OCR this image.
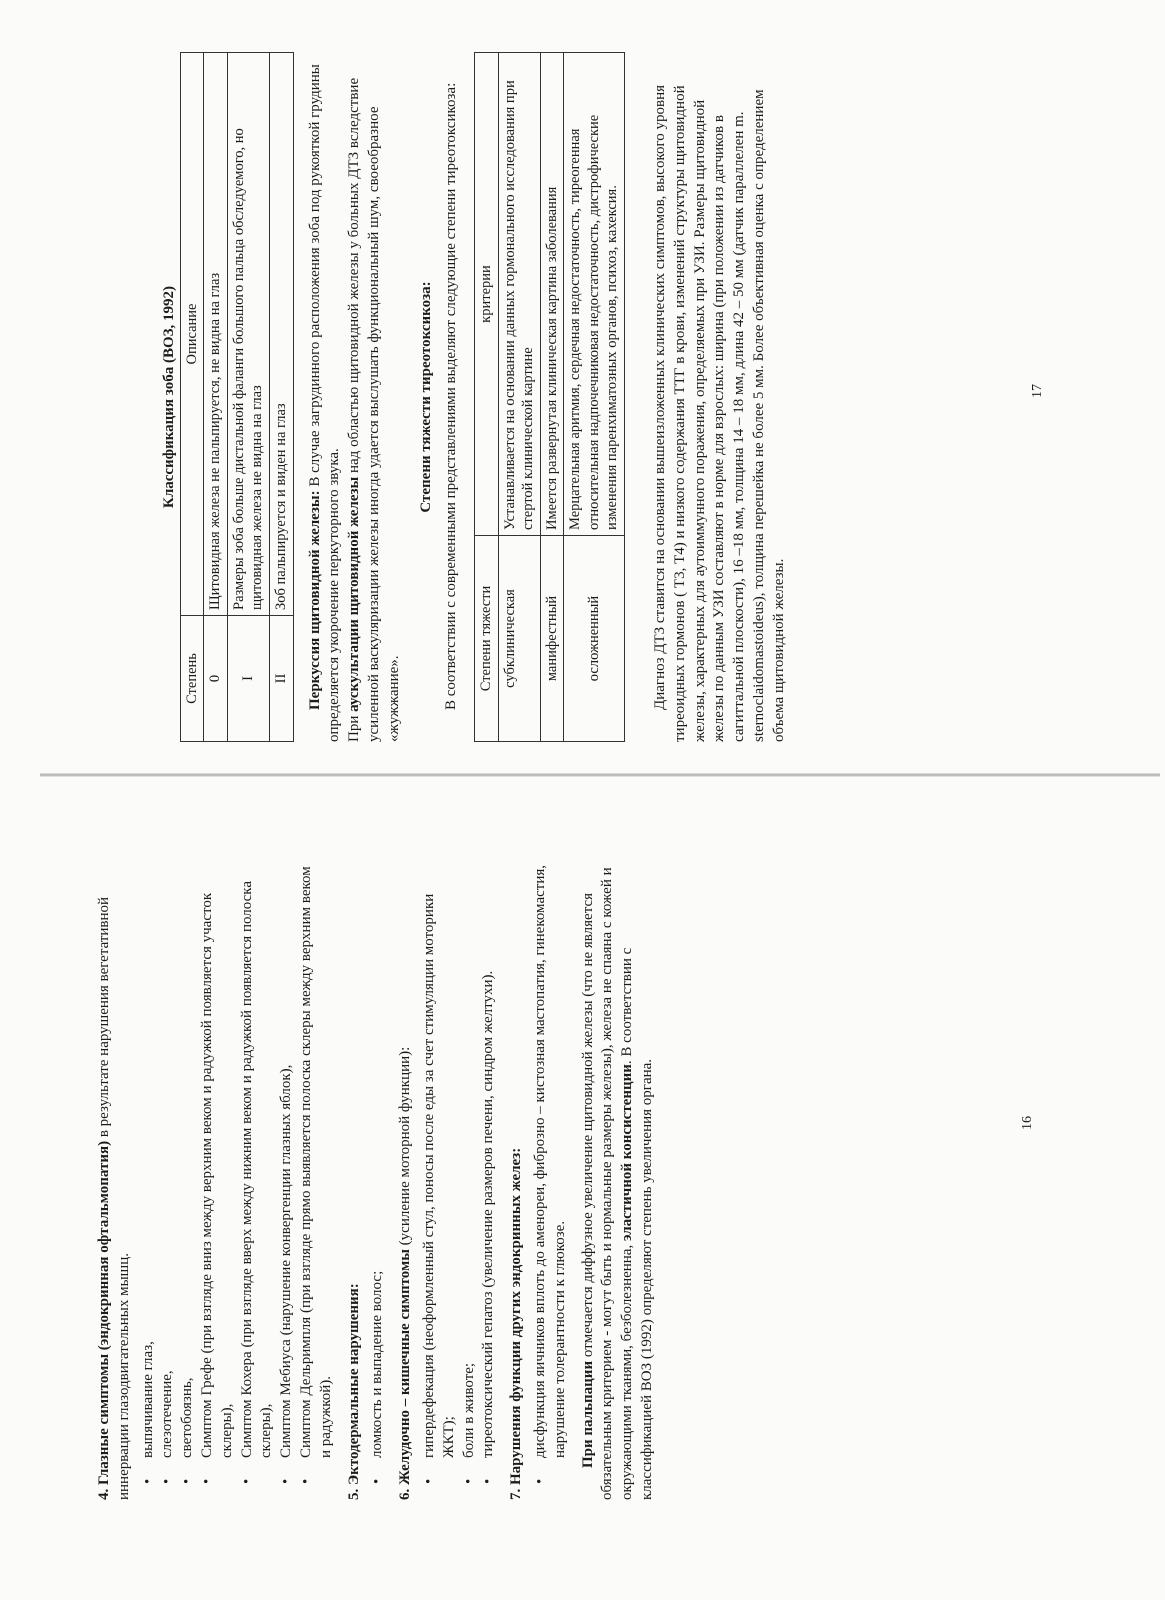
4. Глазные симптомы (эндокринная офтальмопатия) в результате нарушения вегетативной иннервации глазодвигательных мышц. • выпячивание глаз, • слезотечение, • светобоязнь, • Симптом Грефе (при взгляде вниз между верхним веком и радужкой появляется участок склеры), • Симптом Кохера (при взгляде вверх между нижним веком и радужкой появляется полоска склеры), • Симптом Мебиуса (нарушение конвергенции глазных яблок), • Симптом Дельримпля (при взгляде прямо выявляется полоска склеры между верхним веком и радужкой). 5. Эктодермальные нарушения: • ломкость и выпадение волос; 6. Желудочно – кишечные симптомы (усиление моторной функции): • гипердефекация (неоформленный стул, поносы после еды за счет стимуляции моторики ЖКТ); • боли в животе; • тиреотоксический гепатоз (увеличение размеров печени, синдром желтухи). 7. Нарушения функции других эндокринных желез: • дисфункция яичников вплоть до аменореи, фиброзно – кистозная мастопатия, гинекомастия, нарушение толерантности к глюкозе. При пальпации отмечается диффузное увеличение щитовидной железы (что не является обязательным критерием - могут быть и нормальные размеры железы), железа не спаяна с кожей и окружающими тканями, безболезненна, эластичной консистенции. В соответствии с классификацией ВОЗ (1992) определяют степень увеличения органа.	16

Классификация зоба (ВОЗ, 1992)

Степень	Описание
0	Щитовидная железа не пальпируется, не видна на глаз
I	Размеры зоба больше дистальной фаланги большого пальца обследуемого, но щитовидная железа не видна на глаз
II	Зоб пальпируется и виден на глаз Перкуссия щитовидной железы: В случае загрудинного расположения зоба под рукояткой грудины определяется укорочение перкуторного звука. При аускультации щитовидной железы над областью щитовидной железы у больных ДТЗ вследствие усиленной васкуляризации железы иногда удается выслушать функциональный шум, своеобразное «жужжание».

Степени тяжести тиреотоксикоза: В соответствии с современными представлениями выделяют следующие степени тиреотоксикоза: Степени тяжести	критерии
субклиническая	Устанавливается на основании данных гормонального исследования при стертой клинической картине
манифестный	Имеется развернутая клиническая картина заболевания
осложненный	Мерцательная аритмия, сердечная недостаточность, тиреогенная относительная надпочечниковая недостаточность, дистрофические изменения паренхиматозных органов, психоз, кахексия. Диагноз ДТЗ ставится на основании вышеизложенных клинических симптомов, высокого уровня тиреоидных гормонов ( Т3, Т4) и низкого содержания ТТГ в крови, изменений структуры щитовидной железы, характерных для аутоиммунного поражения, определяемых при УЗИ. Размеры щитовидной железы по данным УЗИ составляют в норме для взрослых: ширина (при положении из датчиков в сагиттальной плоскости), 16 –18 мм, толщина 14 – 18 мм, длина 42 – 50 мм (датчик параллелен m. sternoclaidomastoideus), толщина перешейка не более 5 мм. Более объективная оценка с определением объема щитовидной железы.

17
